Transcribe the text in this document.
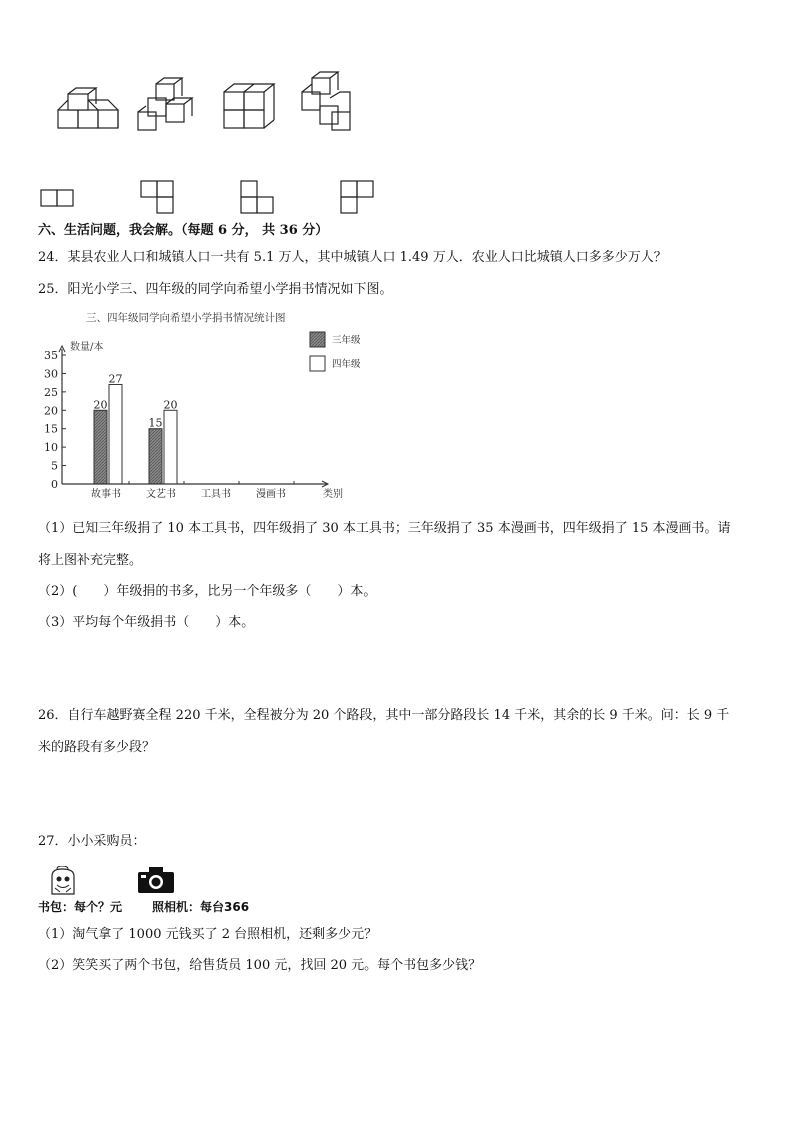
六、生活问题，我会解。（每题 6 分， 共 36 分）
24．某县农业人口和城镇人口一共有 5.1 万人，其中城镇人口 1.49 万人．农业人口比城镇人口多多少万人？
25．阳光小学三、四年级的同学向希望小学捐书情况如下图。
三、四年级同学向希望小学捐书情况统计图
数量/本
0
5
10
15
20
25
30
35
20
27
15
20
故事书	文艺书	工具书	漫画书	类别
三年级
四年级
（1）已知三年级捐了 10 本工具书，四年级捐了 30 本工具书；三年级捐了 35 本漫画书，四年级捐了 15 本漫画书。请
将上图补充完整。
（2）(　　）年级捐的书多，比另一个年级多（　　）本。
（3）平均每个年级捐书（　　）本。
26．自行车越野赛全程 220 千米，全程被分为 20 个路段，其中一部分路段长 14 千米，其余的长 9 千米。问：长 9 千
米的路段有多少段？
27．小小采购员：
书包：每个？元 照相机：每台366
（1）淘气拿了 1000 元钱买了 2 台照相机，还剩多少元？
（2）笑笑买了两个书包，给售货员 100 元，找回 20 元。每个书包多少钱？
